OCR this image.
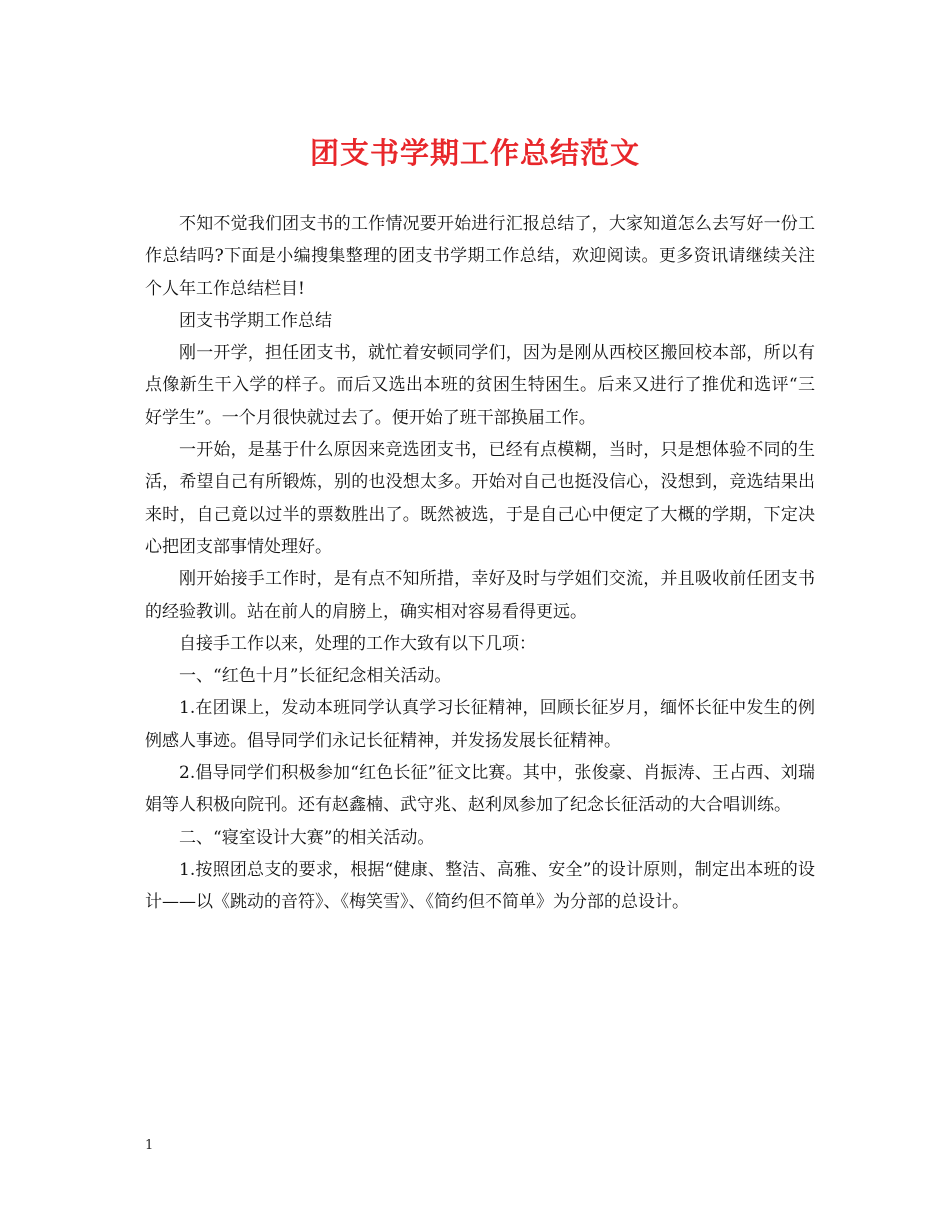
团支书学期工作总结范文

不知不觉我们团支书的工作情况要开始进行汇报总结了，大家知道怎么去写好一份工作总结吗?下面是小编搜集整理的团支书学期工作总结，欢迎阅读。更多资讯请继续关注个人年工作总结栏目!

团支书学期工作总结

刚一开学，担任团支书，就忙着安顿同学们，因为是刚从西校区搬回校本部，所以有点像新生干入学的样子。而后又选出本班的贫困生特困生。后来又进行了推优和选评“三好学生”。一个月很快就过去了。便开始了班干部换届工作。

一开始，是基于什么原因来竞选团支书，已经有点模糊，当时，只是想体验不同的生活，希望自己有所锻炼，别的也没想太多。开始对自己也挺没信心，没想到，竞选结果出来时，自己竟以过半的票数胜出了。既然被选，于是自己心中便定了大概的学期，下定决心把团支部事情处理好。

刚开始接手工作时，是有点不知所措，幸好及时与学姐们交流，并且吸收前任团支书的经验教训。站在前人的肩膀上，确实相对容易看得更远。

自接手工作以来，处理的工作大致有以下几项：

一、“红色十月”长征纪念相关活动。

1.在团课上，发动本班同学认真学习长征精神，回顾长征岁月，缅怀长征中发生的例例感人事迹。倡导同学们永记长征精神，并发扬发展长征精神。

2.倡导同学们积极参加“红色长征”征文比赛。其中，张俊豪、肖振涛、王占西、刘瑞娟等人积极向院刊。还有赵鑫楠、武守兆、赵利凤参加了纪念长征活动的大合唱训练。

二、“寝室设计大赛”的相关活动。

1.按照团总支的要求，根据“健康、整洁、高雅、安全”的设计原则，制定出本班的设计——以《跳动的音符》、《梅笑雪》、《简约但不简单》为分部的总设计。

1
